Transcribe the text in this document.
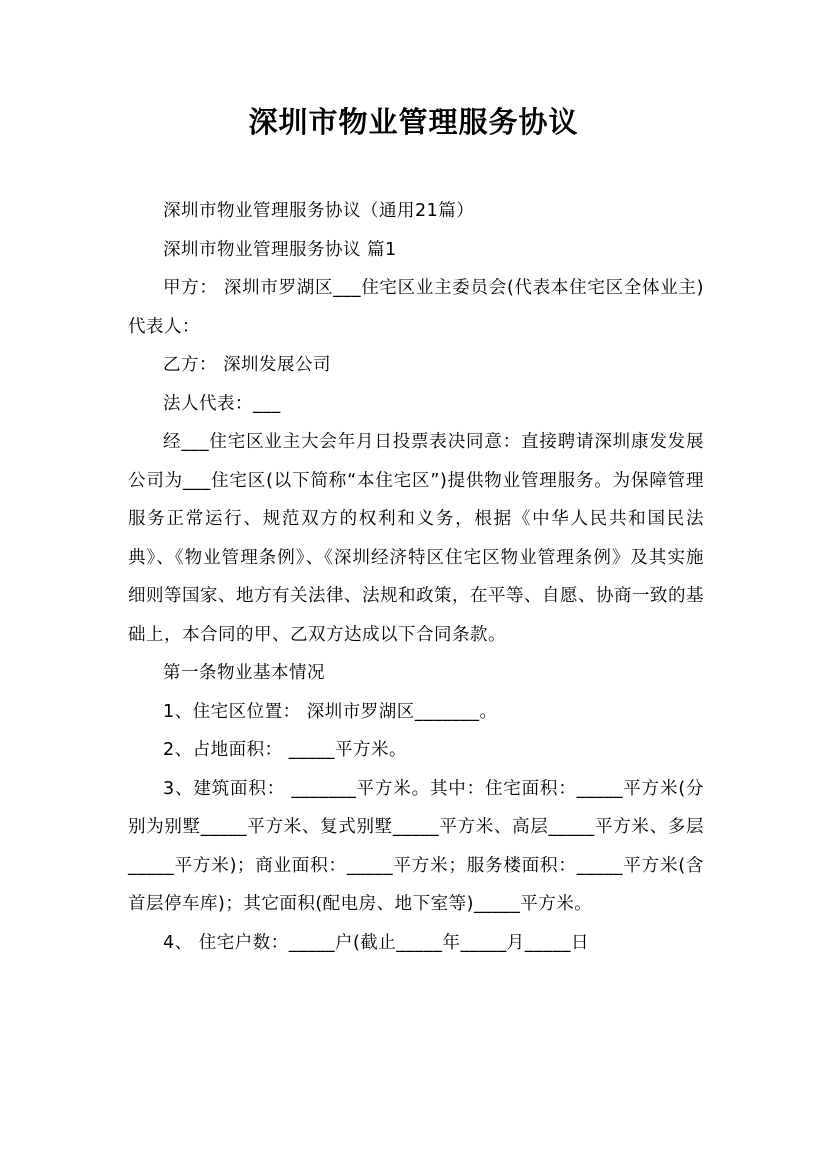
深圳市物业管理服务协议

深圳市物业管理服务协议（通用21篇）

深圳市物业管理服务协议 篇1

甲方： 深圳市罗湖区___住宅区业主委员会(代表本住宅区全体业主) 代表人：

乙方： 深圳发展公司

法人代表：___

经___住宅区业主大会年月日投票表决同意：直接聘请深圳康发发展公司为___住宅区(以下简称“本住宅区”)提供物业管理服务。为保障管理服务正常运行、规范双方的权利和义务，根据《中华人民共和国民法典》、《物业管理条例》、《深圳经济特区住宅区物业管理条例》及其实施细则等国家、地方有关法律、法规和政策，在平等、自愿、协商一致的基础上，本合同的甲、乙双方达成以下合同条款。

第一条物业基本情况

1、住宅区位置： 深圳市罗湖区_______。

2、占地面积： _____平方米。

3、建筑面积： _______平方米。其中：住宅面积：_____平方米(分别为别墅_____平方米、复式别墅_____平方米、高层_____平方米、多层_____平方米)；商业面积：_____平方米；服务楼面积：_____平方米(含首层停车库)；其它面积(配电房、地下室等)_____平方米。

4、 住宅户数：_____户(截止_____年_____月_____日
